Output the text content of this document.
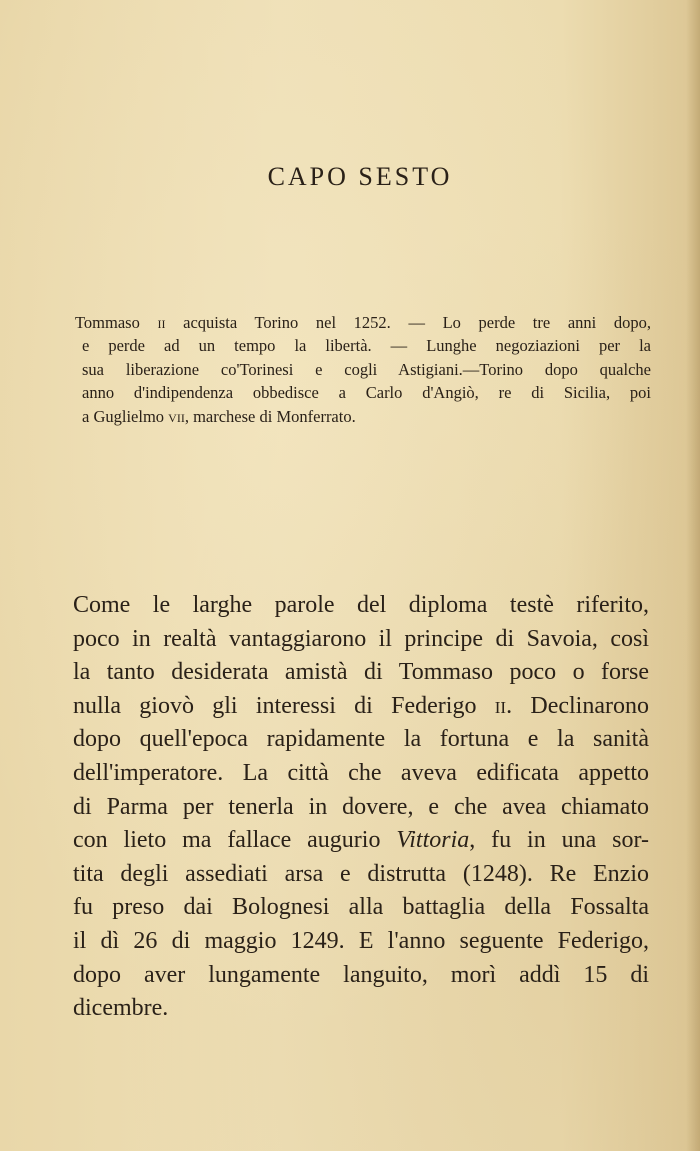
CAPO SESTO
Tommaso ii acquista Torino nel 1252. — Lo perde tre anni dopo,
e perde ad un tempo la libertà. — Lunghe negoziazioni per la
sua liberazione co'Torinesi e cogli Astigiani.—Torino dopo qualche
anno d'indipendenza obbedisce a Carlo d'Angiò, re di Sicilia, poi
a Guglielmo vii, marchese di Monferrato.
Come le larghe parole del diploma testè riferito,
poco in realtà vantaggiarono il principe di Savoia, così
la tanto desiderata amistà di Tommaso poco o forse
nulla giovò gli interessi di Federigo ii. Declinarono
dopo quell'epoca rapidamente la fortuna e la sanità
dell'imperatore. La città che aveva edificata appetto
di Parma per tenerla in dovere, e che avea chiamato
con lieto ma fallace augurio Vittoria, fu in una sor-
tita degli assediati arsa e distrutta (1248). Re Enzio
fu preso dai Bolognesi alla battaglia della Fossalta
il dì 26 di maggio 1249. E l'anno seguente Federigo,
dopo aver lungamente languito, morì addì 15 di
dicembre.
